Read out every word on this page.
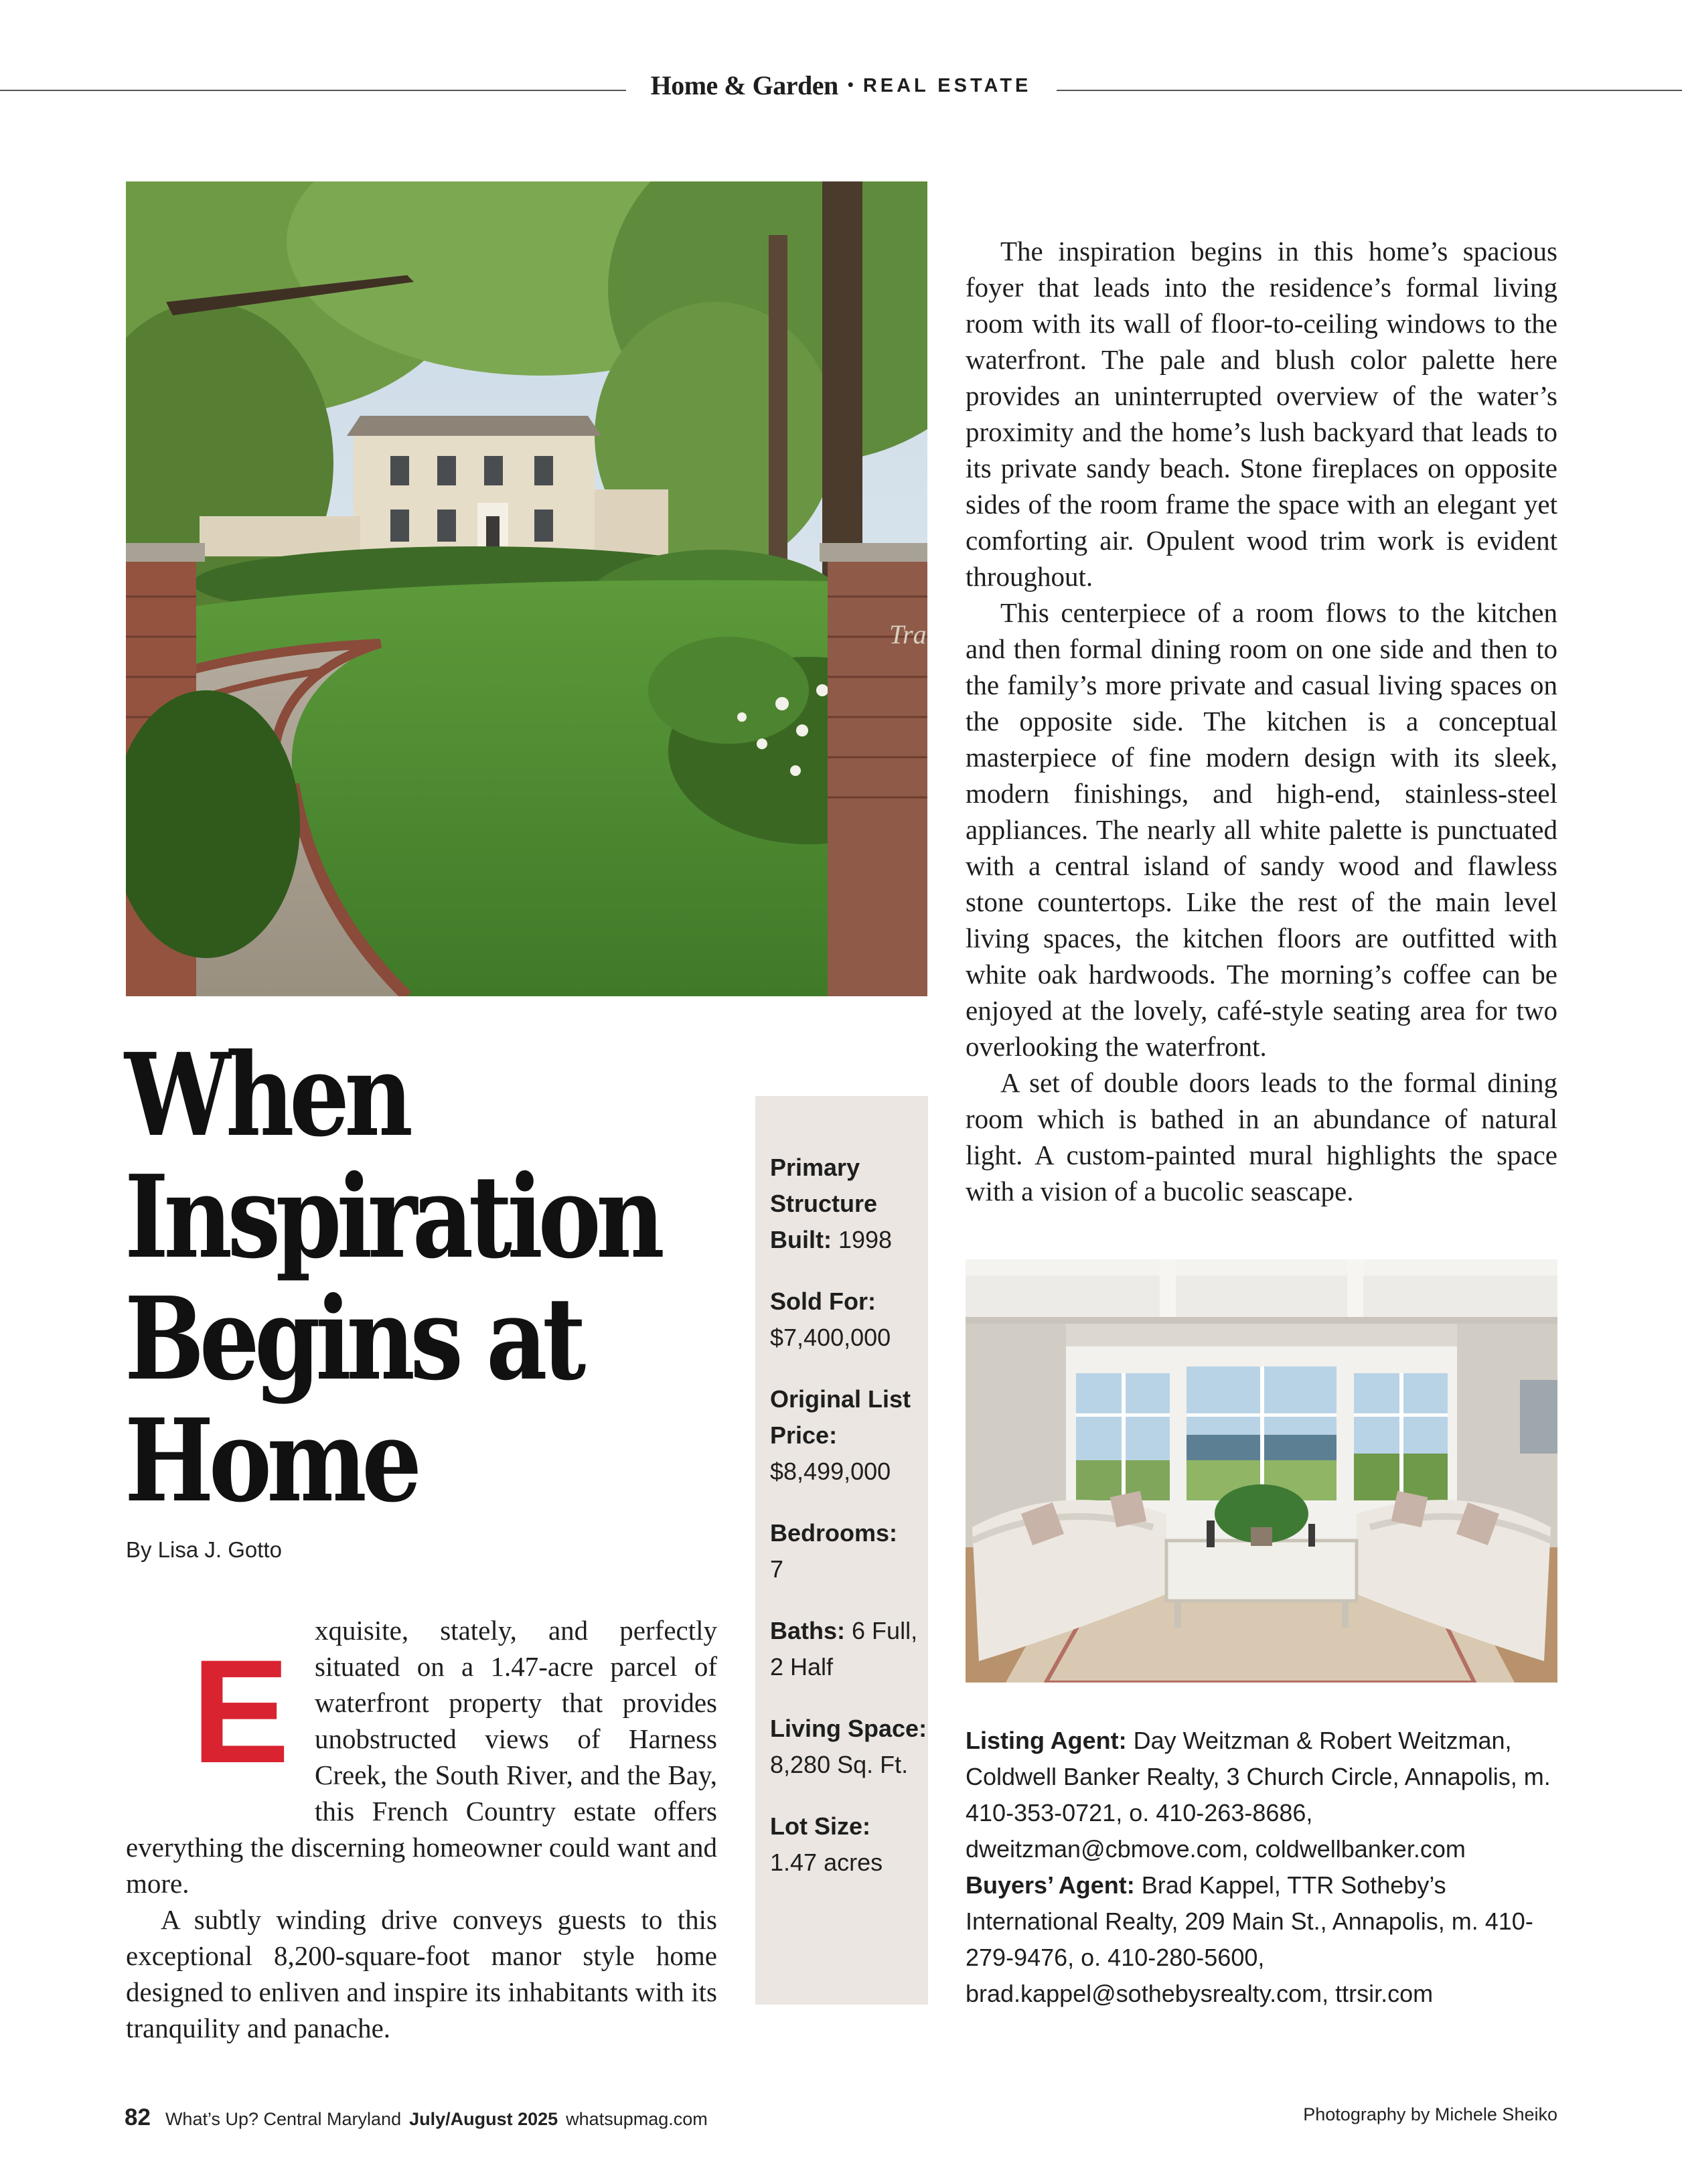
Home & Garden • REAL ESTATE
Tra
When
Inspiration
Begins at
Home
By Lisa J. Gotto
E xquisite, stately, and perfectly situated on a 1.47-acre parcel of waterfront property that provides unobstructed views of Harness Creek, the South River, and the Bay, this French Country estate offers everything the discerning homeowner could want and more.

A subtly winding drive conveys guests to this exceptional 8,200-square-foot manor style home designed to enliven and inspire its inhabitants with its tranquility and panache.

Primary Structure Built: 1998
Sold For:
$7,400,000
Original List Price:
$8,499,000
Bedrooms:
7
Baths: 6 Full, 2 Half
Living Space: 8,280 Sq. Ft.
Lot Size:
1.47 acres

The inspiration begins in this home’s spacious foyer that leads into the residence’s formal living room with its wall of floor-to-ceiling windows to the waterfront. The pale and blush color palette here provides an uninterrupted overview of the water’s proximity and the home’s lush backyard that leads to its private sandy beach. Stone fireplaces on opposite sides of the room frame the space with an elegant yet comforting air. Opulent wood trim work is evident throughout.

This centerpiece of a room flows to the kitchen and then formal dining room on one side and then to the family’s more private and casual living spaces on the opposite side. The kitchen is a conceptual masterpiece of fine modern design with its sleek, modern finishings, and high-end, stainless-steel appliances. The nearly all white palette is punctuated with a central island of sandy wood and flawless stone countertops. Like the rest of the main level living spaces, the kitchen floors are outfitted with white oak hardwoods. The morning’s coffee can be enjoyed at the lovely, café-style seating area for two overlooking the waterfront.

A set of double doors leads to the formal dining room which is bathed in an abundance of natural light. A custom-painted mural highlights the space with a vision of a bucolic seascape.

Listing Agent: Day Weitzman & Robert Weitzman, Coldwell Banker Realty, 3 Church Circle, Annapolis, m. 410-353-0721, o. 410-263-8686, dweitzman@cbmove.com, coldwellbanker.com Buyers’ Agent: Brad Kappel, TTR Sotheby’s International Realty, 209 Main St., Annapolis, m. 410-279-9476, o. 410-280-5600, brad.kappel@sothebysrealty.com, ttrsir.com
82 What’s Up? Central Maryland July/August 2025 whatsupmag.com	Photography by Michele Sheiko
